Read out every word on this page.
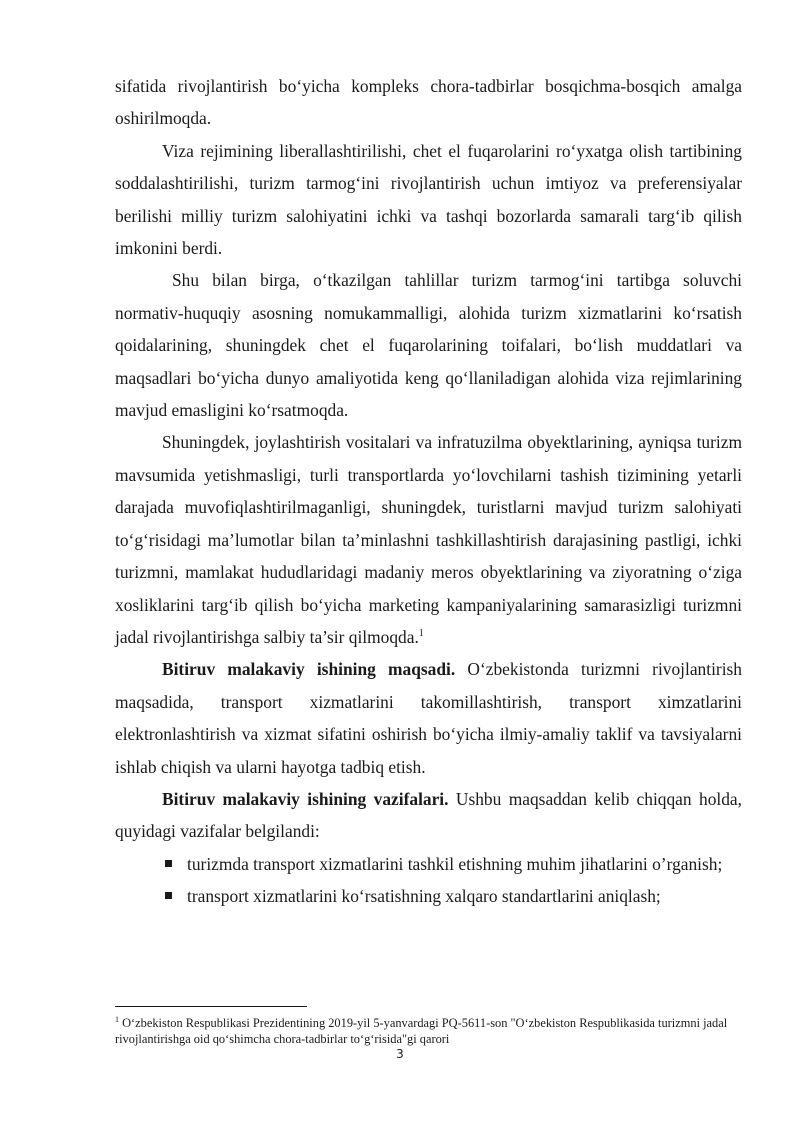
sifatida rivojlantirish bo‘yicha kompleks chora-tadbirlar bosqichma-bosqich amalga oshirilmoqda.

Viza rejimining liberallashtirilishi, chet el fuqarolarini ro‘yxatga olish tartibining soddalashtirilishi, turizm tarmog‘ini rivojlantirish uchun imtiyoz va preferensiyalar berilishi milliy turizm salohiyatini ichki va tashqi bozorlarda samarali targ‘ib qilish imkonini berdi.

Shu bilan birga, o‘tkazilgan tahlillar turizm tarmog‘ini tartibga soluvchi normativ-huquqiy asosning nomukammalligi, alohida turizm xizmatlarini ko‘rsatish qoidalarining, shuningdek chet el fuqarolarining toifalari, bo‘lish muddatlari va maqsadlari bo‘yicha dunyo amaliyotida keng qo‘llaniladigan alohida viza rejimlarining mavjud emasligini ko‘rsatmoqda.

Shuningdek, joylashtirish vositalari va infratuzilma obyektlarining, ayniqsa turizm mavsumida yetishmasligi, turli transportlarda yo‘lovchilarni tashish tizimining yetarli darajada muvofiqlashtirilmaganligi, shuningdek, turistlarni mavjud turizm salohiyati to‘g‘risidagi ma’lumotlar bilan ta’minlashni tashkillashtirish darajasining pastligi, ichki turizmni, mamlakat hududlaridagi madaniy meros obyektlarining va ziyoratning o‘ziga xosliklarini targ‘ib qilish bo‘yicha marketing kampaniyalarining samarasizligi turizmni jadal rivojlantirishga salbiy ta’sir qilmoqda.$^1$

Bitiruv malakaviy ishining maqsadi. O‘zbekistonda turizmni rivojlantirish maqsadida, transport xizmatlarini takomillashtirish, transport ximzatlarini elektronlashtirish va xizmat sifatini oshirish bo‘yicha ilmiy-amaliy taklif va tavsiyalarni ishlab chiqish va ularni hayotga tadbiq etish.

Bitiruv malakaviy ishining vazifalari. Ushbu maqsaddan kelib chiqqan holda, quyidagi vazifalar belgilandi:

turizmda transport xizmatlarini tashkil etishning muhim jihatlarini o’rganish;
transport xizmatlarini ko‘rsatishning xalqaro standartlarini aniqlash;
$^1$ O‘zbekiston Respublikasi Prezidentining 2019-yil 5-yanvardagi PQ-5611-son "O‘zbekiston Respublikasida turizmni jadal rivojlantirishga oid qo‘shimcha chora-tadbirlar to‘g‘risida"gi qarori
3
